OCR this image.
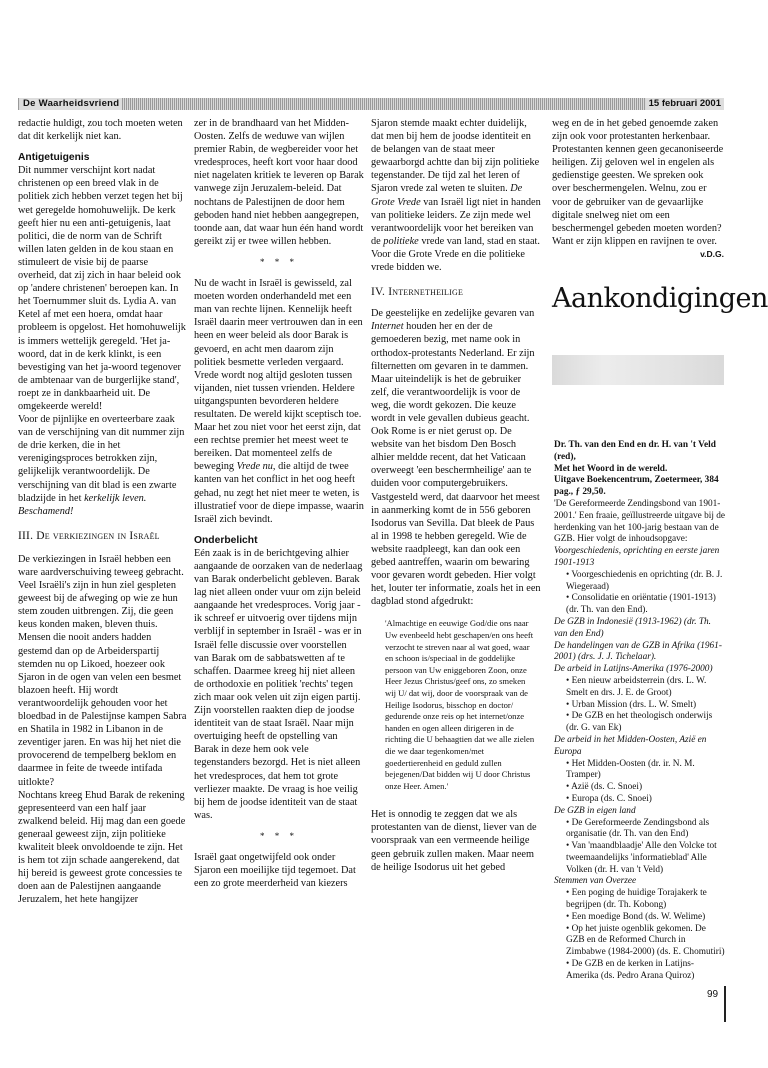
De Waarheidsvriend	15 februari 2001

redactie huldigt, zou toch moeten weten dat dit kerkelijk niet kan.

Antigetuigenis

Dit nummer verschijnt kort nadat christenen op een breed vlak in de politiek zich hebben verzet tegen het bij wet geregelde homohuwelijk. De kerk geeft hier nu een anti-getuigenis, laat politici, die de norm van de Schrift willen laten gelden in de kou staan en stimuleert de visie bij de paarse overheid, dat zij zich in haar beleid ook op 'andere christenen' beroepen kan. In het Toernummer sluit ds. Lydia A. van Ketel af met een hoera, omdat haar probleem is opgelost. Het homohuwelijk is immers wettelijk geregeld. 'Het ja-woord, dat in de kerk klinkt, is een bevestiging van het ja-woord tegenover de ambtenaar van de burgerlijke stand', roept ze in dankbaarheid uit. De omgekeerde wereld!

Voor de pijnlijke en overteerbare zaak van de verschijning van dit nummer zijn de drie kerken, die in het verenigingsproces betrokken zijn, gelijkelijk verantwoordelijk. De verschijning van dit blad is een zwarte bladzijde in het kerkelijk leven. Beschamend!

III. De verkiezingen in Israël

De verkiezingen in Israël hebben een ware aardverschuiving teweeg gebracht. Veel Israëli's zijn in hun ziel gespleten geweest bij de afweging op wie ze hun stem zouden uitbrengen. Zij, die geen keus konden maken, bleven thuis. Mensen die nooit anders hadden gestemd dan op de Arbeiderspartij stemden nu op Likoed, hoezeer ook Sjaron in de ogen van velen een besmet blazoen heeft. Hij wordt verantwoordelijk gehouden voor het bloedbad in de Palestijnse kampen Sabra en Shatila in 1982 in Libanon in de zeventiger jaren. En was hij het niet die provocerend de tempelberg beklom en daarmee in feite de tweede intifada uitlokte?

Nochtans kreeg Ehud Barak de rekening gepresenteerd van een half jaar zwalkend beleid. Hij mag dan een goede generaal geweest zijn, zijn politieke kwaliteit bleek onvoldoende te zijn. Het is hem tot zijn schade aangerekend, dat hij bereid is geweest grote concessies te doen aan de Palestijnen aangaande Jeruzalem, het hete hangijzer

zer in de brandhaard van het Midden-Oosten. Zelfs de weduwe van wijlen premier Rabin, de wegbereider voor het vredesproces, heeft kort voor haar dood niet nagelaten kritiek te leveren op Barak vanwege zijn Jeruzalem-beleid. Dat nochtans de Palestijnen de door hem geboden hand niet hebben aangegrepen, toonde aan, dat waar hun één hand wordt gereikt zij er twee willen hebben.

* * *

Nu de wacht in Israël is gewisseld, zal moeten worden onderhandeld met een man van rechte lijnen. Kennelijk heeft Israël daarin meer vertrouwen dan in een heen en weer beleid als door Barak is gevoerd, en acht men daarom zijn politiek besmette verleden vergaard. Vrede wordt nog altijd gesloten tussen vijanden, niet tussen vrienden. Heldere uitgangspunten bevorderen heldere resultaten. De wereld kijkt sceptisch toe. Maar het zou niet voor het eerst zijn, dat een rechtse premier het meest weet te bereiken. Dat momenteel zelfs de beweging Vrede nu, die altijd de twee kanten van het conflict in het oog heeft gehad, nu zegt het niet meer te weten, is illustratief voor de diepe impasse, waarin Israël zich bevindt.

Onderbelicht

Eén zaak is in de berichtgeving alhier aangaande de oorzaken van de nederlaag van Barak onderbelicht gebleven. Barak lag niet alleen onder vuur om zijn beleid aangaande het vredesproces. Vorig jaar - ik schreef er uitvoerig over tijdens mijn verblijf in september in Israël - was er in Israël felle discussie over voorstellen van Barak om de sabbatswetten af te schaffen. Daarmee kreeg hij niet alleen de orthodoxie en politiek 'rechts' tegen zich maar ook velen uit zijn eigen partij. Zijn voorstellen raakten diep de joodse identiteit van de staat Israël. Naar mijn overtuiging heeft de opstelling van Barak in deze hem ook vele tegenstanders bezorgd. Het is niet alleen het vredesproces, dat hem tot grote verliezer maakte. De vraag is hoe veilig bij hem de joodse identiteit van de staat was.

* * *

Israël gaat ongetwijfeld ook onder Sjaron een moeilijke tijd tegemoet. Dat een zo grote meerderheid van kiezers

Sjaron stemde maakt echter duidelijk, dat men bij hem de joodse identiteit en de belangen van de staat meer gewaarborgd achtte dan bij zijn politieke tegenstander. De tijd zal het leren of Sjaron vrede zal weten te sluiten. De Grote Vrede van Israël ligt niet in handen van politieke leiders. Ze zijn mede wel verantwoordelijk voor het bereiken van de politieke vrede van land, stad en staat. Voor die Grote Vrede en die politieke vrede bidden we.

IV. Internetheilige

De geestelijke en zedelijke gevaren van Internet houden her en der de gemoederen bezig, met name ook in orthodox-protestants Nederland. Er zijn filternetten om gevaren in te dammen. Maar uiteindelijk is het de gebruiker zelf, die verantwoordelijk is voor de weg, die wordt gekozen. Die keuze wordt in vele gevallen dubieus geacht. Ook Rome is er niet gerust op. De website van het bisdom Den Bosch alhier meldde recent, dat het Vaticaan overweegt 'een beschermheilige' aan te duiden voor computergebruikers. Vastgesteld werd, dat daarvoor het meest in aanmerking komt de in 556 geboren Isodorus van Sevilla. Dat bleek de Paus al in 1998 te hebben geregeld. Wie de website raadpleegt, kan dan ook een gebed aantreffen, waarin om bewaring voor gevaren wordt gebeden. Hier volgt het, louter ter informatie, zoals het in een dagblad stond afgedrukt:

'Almachtige en eeuwige God/die ons naar Uw evenbeeld hebt geschapen/en ons heeft verzocht te streven naar al wat goed, waar en schoon is/speciaal in de goddelijke persoon van Uw eniggeboren Zoon, onze Heer Jezus Christus/geef ons, zo smeken wij U/ dat wij, door de voorspraak van de Heilige Isodorus, bisschop en doctor/ gedurende onze reis op het internet/onze handen en ogen alleen dirigeren in de richting die U behaagtien dat we alle zielen die we daar tegenkomen/met goedertierenheid en geduld zullen bejegenen/Dat bidden wij U door Christus onze Heer. Amen.'

Het is onnodig te zeggen dat we als protestanten van de dienst, liever van de voorspraak van een vermeende heilige geen gebruik zullen maken. Maar neem de heilige Isodorus uit het gebed

weg en de in het gebed genoemde zaken zijn ook voor protestanten herkenbaar.

Protestanten kennen geen gecanoniseerde heiligen. Zij geloven wel in engelen als gedienstige geesten. We spreken ook over beschermengelen. Welnu, zou er voor de gebruiker van de gevaarlijke digitale snelweg niet om een beschermengel gebeden moeten worden? Want er zijn klippen en ravijnen te over.

v.D.G.

Aankondigingen

Dr. Th. van den End en dr. H. van 't Veld (red),

Met het Woord in de wereld.

Uitgave Boekencentrum, Zoetermeer, 384 pag., ƒ 29,50.

'De Gereformeerde Zendingsbond van 1901-2001.' Een fraaie, geïllustreerde uitgave bij de herdenking van het 100-jarig bestaan van de GZB. Hier volgt de inhoudsopgave:

Voorgeschiedenis, oprichting en eerste jaren 1901-1913

• Voorgeschiedenis en oprichting (dr. B. J. Wiegeraad)

• Consolidatie en oriëntatie (1901-1913) (dr. Th. van den End).

De GZB in Indonesië (1913-1962) (dr. Th. van den End)

De handelingen van de GZB in Afrika (1961-2001) (drs. J. J. Tichelaar).

De arbeid in Latijns-Amerika (1976-2000)

• Een nieuw arbeidsterrein (drs. L. W. Smelt en drs. J. E. de Groot)

• Urban Mission (drs. L. W. Smelt)

• De GZB en het theologisch onderwijs (dr. G. van Ek)

De arbeid in het Midden-Oosten, Azië en Europa

• Het Midden-Oosten (dr. ir. N. M. Tramper)

• Azië (ds. C. Snoei)

• Europa (ds. C. Snoei)

De GZB in eigen land

• De Gereformeerde Zendingsbond als organisatie (dr. Th. van den End)

• Van 'maandblaadje' Alle den Volcke tot tweemaandelijks 'informatieblad' Alle Volken (dr. H. van 't Veld)

Stemmen van Overzee

• Een poging de huidige Torajakerk te begrijpen (dr. Th. Kobong)

• Een moedige Bond (ds. W. Welime)

• Op het juiste ogenblik gekomen. De GZB en de Reformed Church in Zimbabwe (1984-2000) (ds. E. Chomutiri)

• De GZB en de kerken in Latijns-Amerika (ds. Pedro Arana Quiroz)

99
